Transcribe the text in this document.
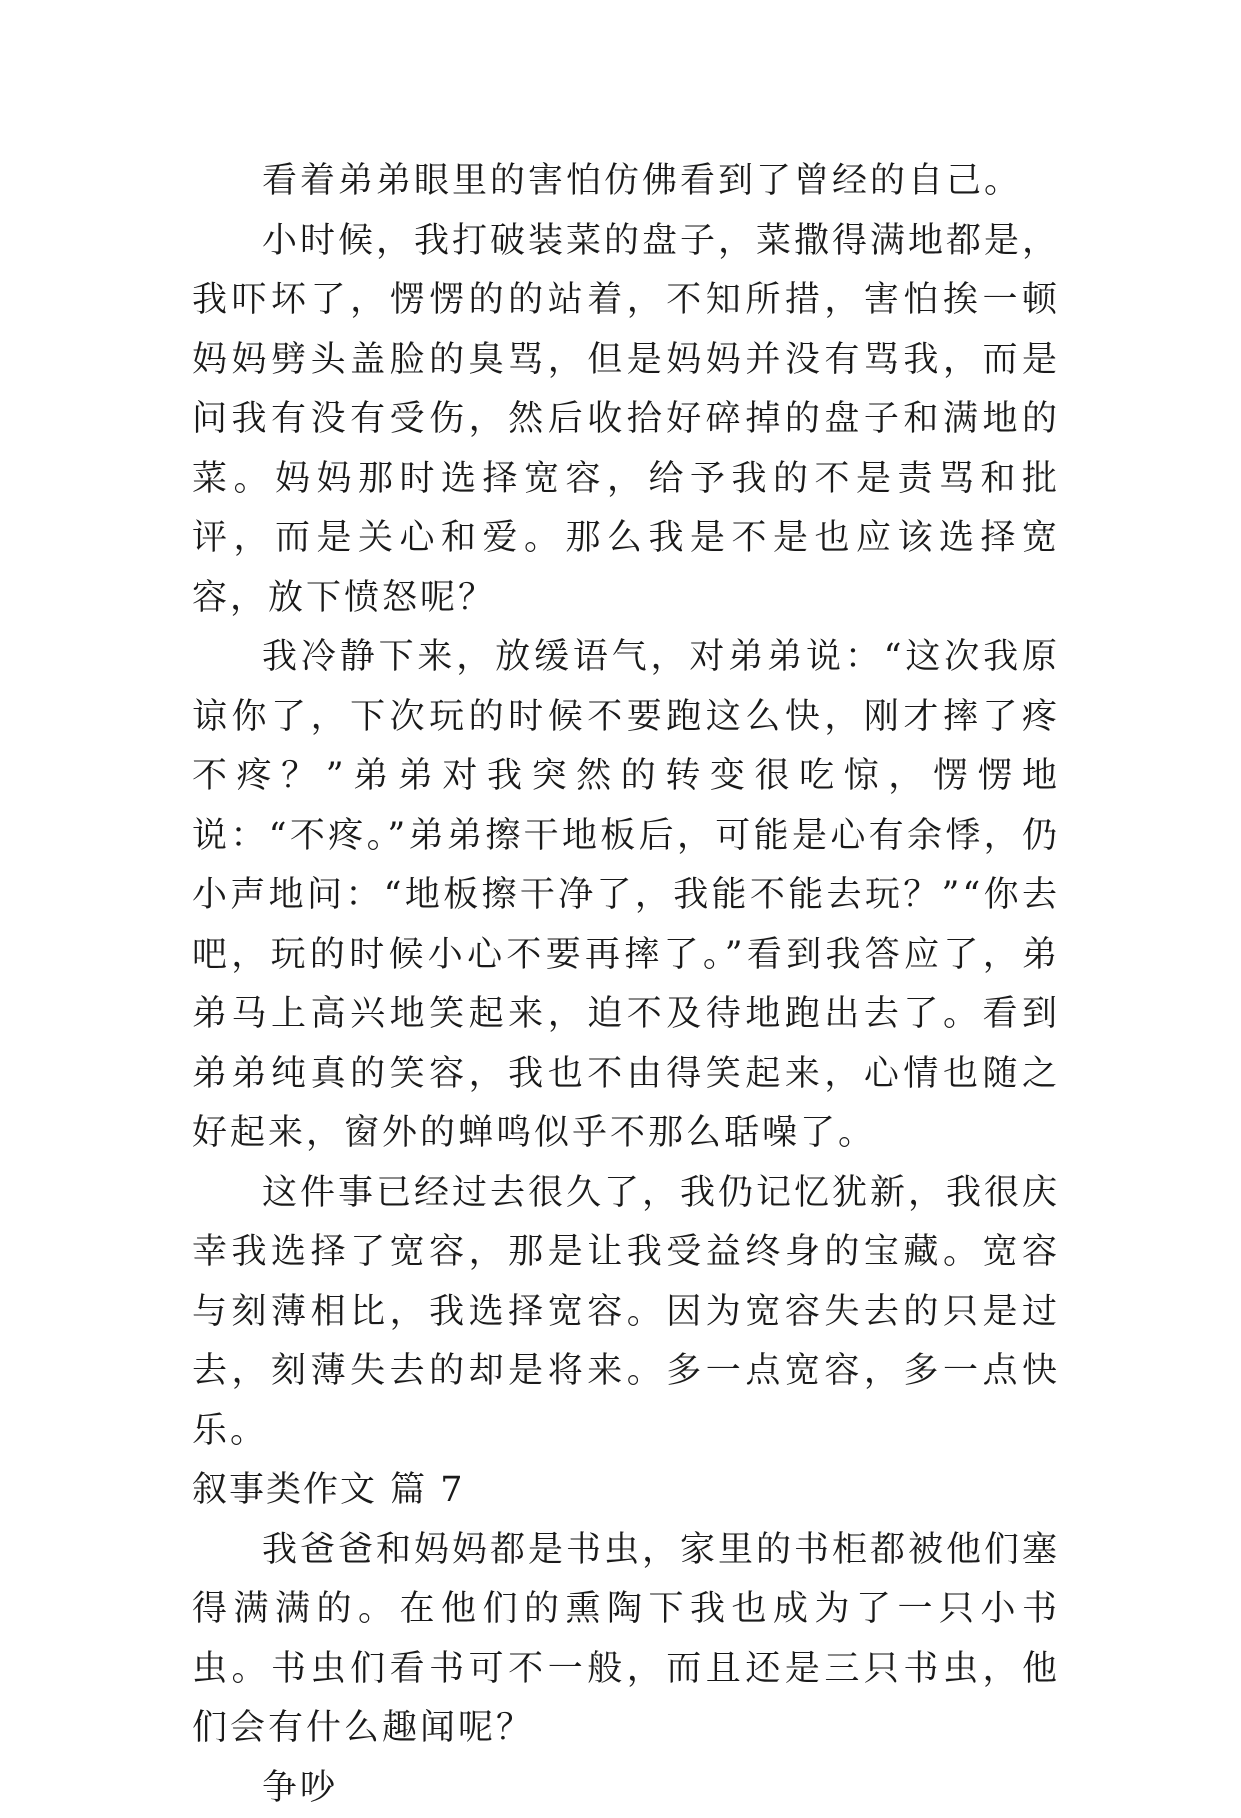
看着弟弟眼里的害怕仿佛看到了曾经的自己。

小时候，我打破装菜的盘子，菜撒得满地都是，我吓坏了，愣愣的的站着，不知所措，害怕挨一顿妈妈劈头盖脸的臭骂，但是妈妈并没有骂我，而是问我有没有受伤，然后收拾好碎掉的盘子和满地的菜。妈妈那时选择宽容，给予我的不是责骂和批评，而是关心和爱。那么我是不是也应该选择宽容，放下愤怒呢？

我冷静下来，放缓语气，对弟弟说：“这次我原谅你了，下次玩的时候不要跑这么快，刚才摔了疼不疼？”弟弟对我突然的转变很吃惊，愣愣地说：“不疼。”弟弟擦干地板后，可能是心有余悸，仍小声地问：“地板擦干净了，我能不能去玩？”“你去吧，玩的时候小心不要再摔了。”看到我答应了，弟弟马上高兴地笑起来，迫不及待地跑出去了。看到弟弟纯真的笑容，我也不由得笑起来，心情也随之好起来，窗外的蝉鸣似乎不那么聒噪了。

这件事已经过去很久了，我仍记忆犹新，我很庆幸我选择了宽容，那是让我受益终身的宝藏。宽容与刻薄相比，我选择宽容。因为宽容失去的只是过去，刻薄失去的却是将来。多一点宽容，多一点快乐。

叙事类作文 篇 7

我爸爸和妈妈都是书虫，家里的书柜都被他们塞得满满的。在他们的熏陶下我也成为了一只小书虫。书虫们看书可不一般，而且还是三只书虫，他们会有什么趣闻呢？

争吵
